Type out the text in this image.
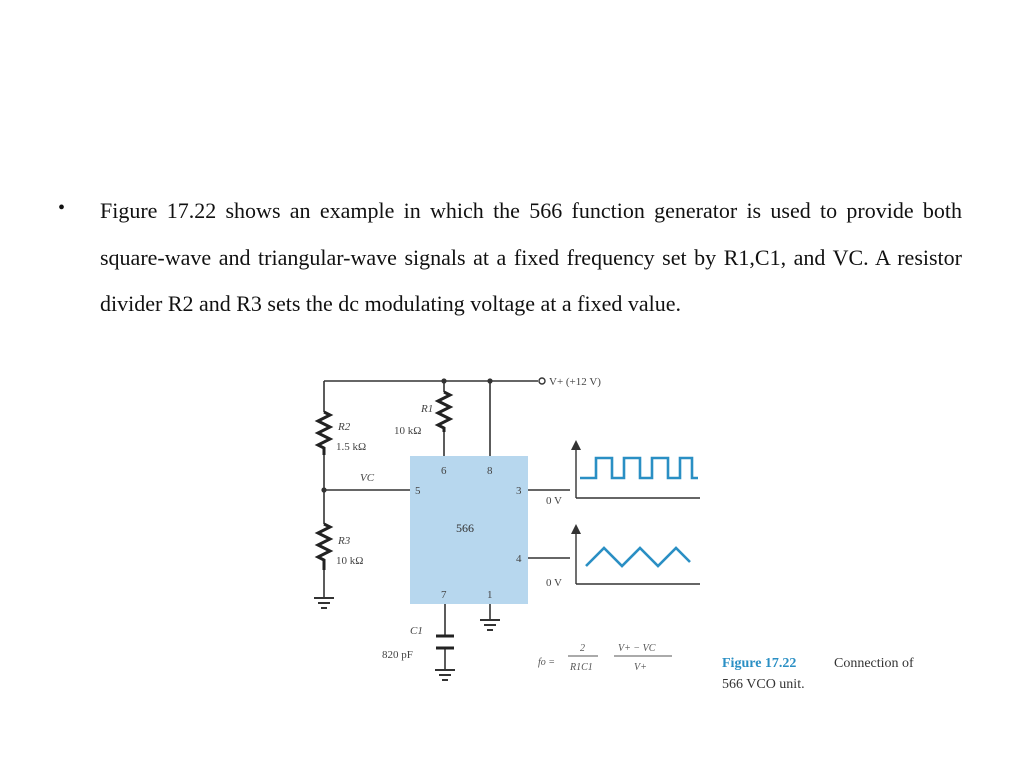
• Figure 17.22 shows an example in which the 566 function generator is used to provide both square-wave and triangular-wave signals at a fixed frequency set by R1,C1, and VC. A resistor divider R2 and R3 sets the dc modulating voltage at a fixed value.

V+ (+12 V)
R1
10 kΩ
R2
1.5 kΩ
VC
R3
10 kΩ
C1
820 pF
566
6	8
5	3
4
7	1
0 V
0 V
fo =
2
R1C1
V+ − VC
V+	Figure 17.22	Connection of
566 VCO unit.
